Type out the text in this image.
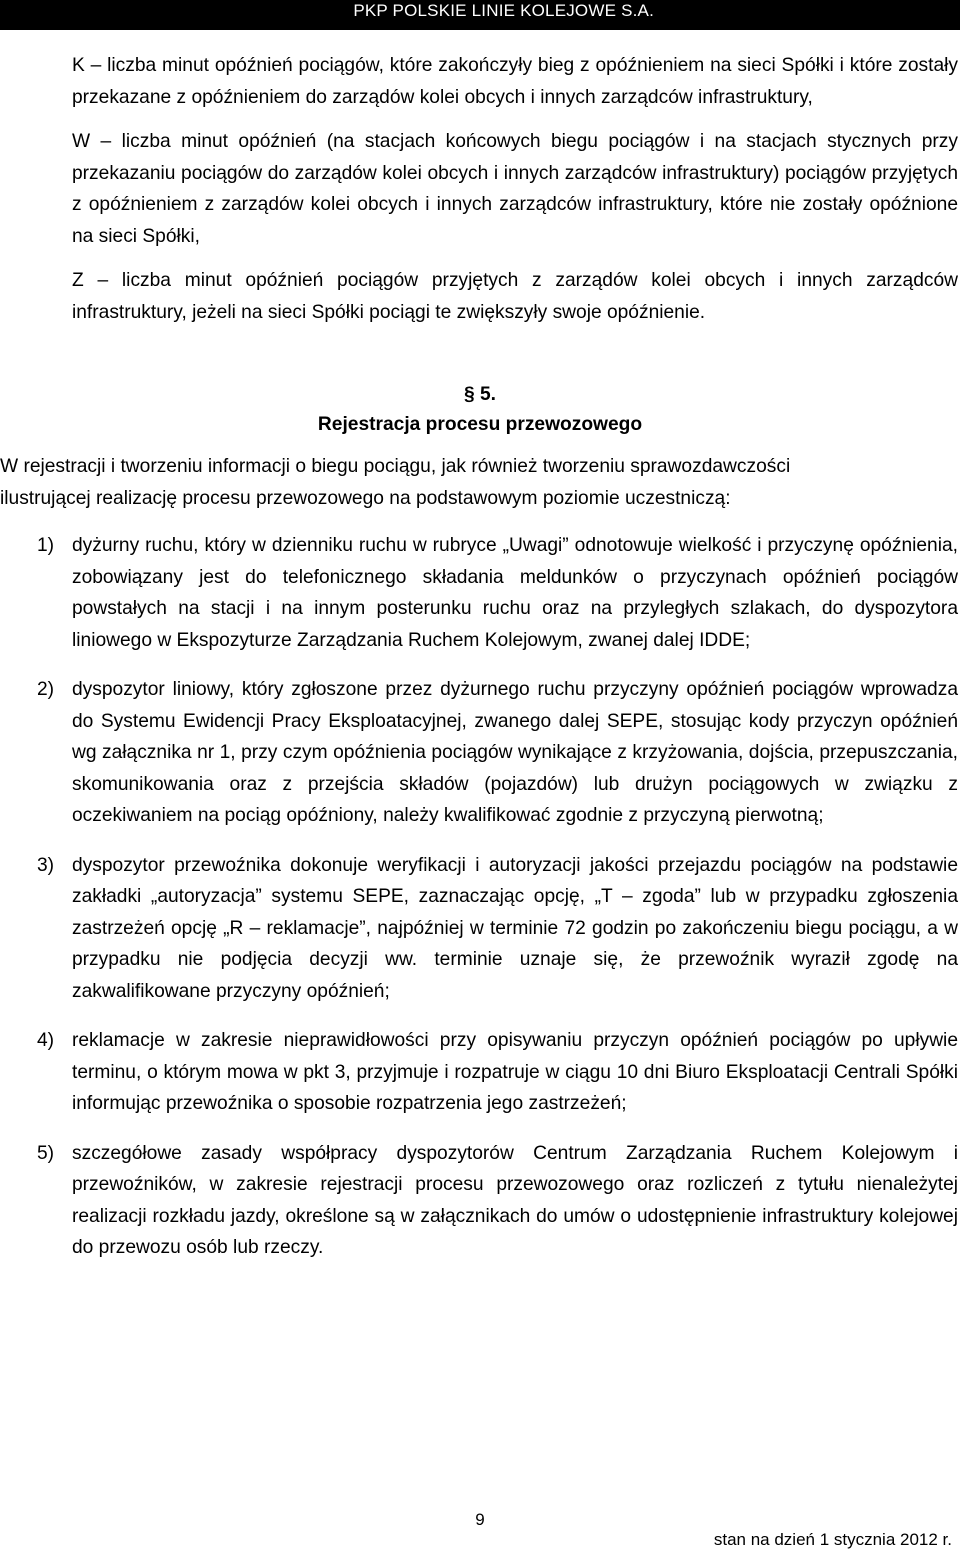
PKP POLSKIE LINIE KOLEJOWE S.A.

K – liczba minut opóźnień pociągów, które zakończyły bieg z opóźnieniem na sieci Spółki i które zostały przekazane z opóźnieniem do zarządów kolei obcych i innych zarządców infrastruktury,

W – liczba minut opóźnień (na stacjach końcowych biegu pociągów i na stacjach stycznych przy przekazaniu pociągów do zarządów kolei obcych i innych zarządców infrastruktury) pociągów przyjętych z opóźnieniem z zarządów kolei obcych i innych zarządców infrastruktury, które nie zostały opóźnione na sieci Spółki,

Z – liczba minut opóźnień pociągów przyjętych z zarządów kolei obcych i innych zarządców infrastruktury, jeżeli na sieci Spółki pociągi te zwiększyły swoje opóźnienie.

§ 5.
Rejestracja procesu przewozowego
W rejestracji i tworzeniu informacji o biegu pociągu, jak również tworzeniu sprawozdawczości
ilustrującej realizację procesu przewozowego na podstawowym poziomie uczestniczą:
1) dyżurny ruchu, który w dzienniku ruchu w rubryce „Uwagi” odnotowuje wielkość i przyczynę opóźnienia, zobowiązany jest do telefonicznego składania meldunków o przyczynach opóźnień pociągów powstałych na stacji i na innym posterunku ruchu oraz na przyległych szlakach, do dyspozytora liniowego w Ekspozyturze Zarządzania Ruchem Kolejowym, zwanej dalej IDDE;
2) dyspozytor liniowy, który zgłoszone przez dyżurnego ruchu przyczyny opóźnień pociągów wprowadza do Systemu Ewidencji Pracy Eksploatacyjnej, zwanego dalej SEPE, stosując kody przyczyn opóźnień wg załącznika nr 1, przy czym opóźnienia pociągów wynikające z krzyżowania, dojścia, przepuszczania, skomunikowania oraz z przejścia składów (pojazdów) lub drużyn pociągowych w związku z oczekiwaniem na pociąg opóźniony, należy kwalifikować zgodnie z przyczyną pierwotną;
3) dyspozytor przewoźnika dokonuje weryfikacji i autoryzacji jakości przejazdu pociągów na podstawie zakładki „autoryzacja” systemu SEPE, zaznaczając opcję, „T – zgoda” lub w przypadku zgłoszenia zastrzeżeń opcję „R – reklamacje”, najpóźniej w terminie 72 godzin po zakończeniu biegu pociągu, a w przypadku nie podjęcia decyzji ww. terminie uznaje się, że przewoźnik wyraził zgodę na zakwalifikowane przyczyny opóźnień;
4) reklamacje w zakresie nieprawidłowości przy opisywaniu przyczyn opóźnień pociągów po upływie terminu, o którym mowa w pkt 3, przyjmuje i rozpatruje w ciągu 10 dni Biuro Eksploatacji Centrali Spółki informując przewoźnika o sposobie rozpatrzenia jego zastrzeżeń;
5) szczegółowe zasady współpracy dyspozytorów Centrum Zarządzania Ruchem Kolejowym i przewoźników, w zakresie rejestracji procesu przewozowego oraz rozliczeń z tytułu nienależytej realizacji rozkładu jazdy, określone są w załącznikach do umów o udostępnienie infrastruktury kolejowej do przewozu osób lub rzeczy.
9
stan na dzień 1 stycznia 2012 r.
